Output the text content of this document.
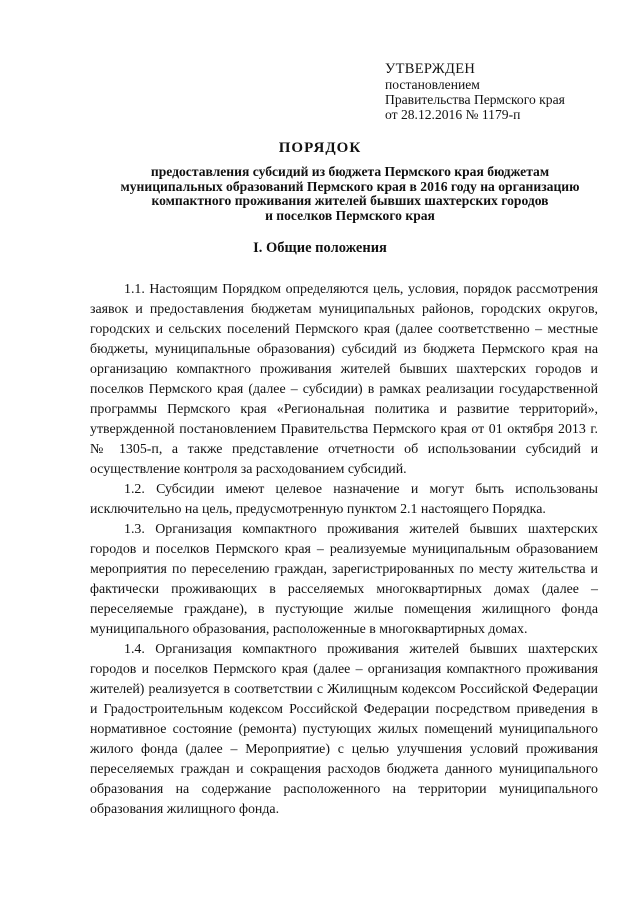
УТВЕРЖДЕН
постановлением
Правительства Пермского края
от 28.12.2016 № 1179-п
ПОРЯДОК
предоставления субсидий из бюджета Пермского края бюджетам
муниципальных образований Пермского края в 2016 году на организацию
компактного проживания жителей бывших шахтерских городов
и поселков Пермского края
I. Общие положения

1.1. Настоящим Порядком определяются цель, условия, порядок рассмотрения заявок и предоставления бюджетам муниципальных районов, городских округов, городских и сельских поселений Пермского края (далее соответственно – местные бюджеты, муниципальные образования) субсидий из бюджета Пермского края на организацию компактного проживания жителей бывших шахтерских городов и поселков Пермского края (далее – субсидии) в рамках реализации государственной программы Пермского края «Региональная политика и развитие территорий», утвержденной постановлением Правительства Пермского края от 01 октября 2013 г. № 1305-п, а также представление отчетности об использовании субсидий и осуществление контроля за расходованием субсидий.

1.2. Субсидии имеют целевое назначение и могут быть использованы исключительно на цель, предусмотренную пунктом 2.1 настоящего Порядка.

1.3. Организация компактного проживания жителей бывших шахтерских городов и поселков Пермского края – реализуемые муниципальным образованием мероприятия по переселению граждан, зарегистрированных по месту жительства и фактически проживающих в расселяемых многоквартирных домах (далее – переселяемые граждане), в пустующие жилые помещения жилищного фонда муниципального образования, расположенные в многоквартирных домах.

1.4. Организация компактного проживания жителей бывших шахтерских городов и поселков Пермского края (далее – организация компактного проживания жителей) реализуется в соответствии с Жилищным кодексом Российской Федерации и Градостроительным кодексом Российской Федерации посредством приведения в нормативное состояние (ремонта) пустующих жилых помещений муниципального жилого фонда (далее – Мероприятие) с целью улучшения условий проживания переселяемых граждан и сокращения расходов бюджета данного муниципального образования на содержание расположенного на территории муниципального образования жилищного фонда.
